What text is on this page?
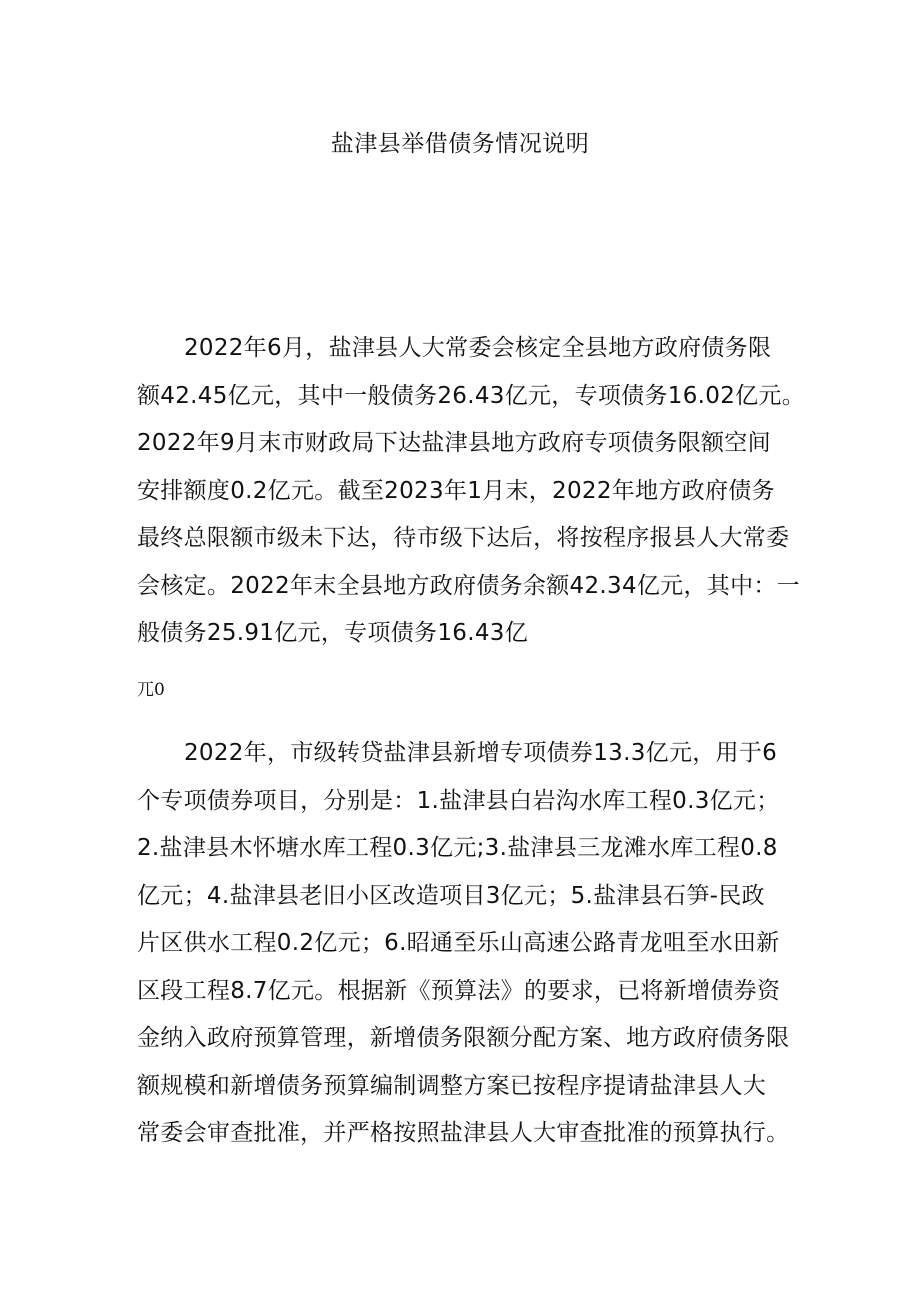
盐津县举借债务情况说明
2022年6月，盐津县人大常委会核定全县地方政府债务限
额42.45亿元，其中一般债务26.43亿元，专项债务16.02亿元。
2022年9月末市财政局下达盐津县地方政府专项债务限额空间
安排额度0.2亿元。截至2023年1月末，2022年地方政府债务
最终总限额市级未下达，待市级下达后，将按程序报县人大常委
会核定。2022年末全县地方政府债务余额42.34亿元，其中：一
般债务25.91亿元，专项债务16.43亿
兀0
2022年，市级转贷盐津县新增专项债券13.3亿元，用于6
个专项债券项目，分别是：1.盐津县白岩沟水库工程0.3亿元；
2.盐津县木怀塘水库工程0.3亿元;3.盐津县三龙滩水库工程0.8
亿元；4.盐津县老旧小区改造项目3亿元；5.盐津县石笋-民政
片区供水工程0.2亿元；6.昭通至乐山高速公路青龙咀至水田新
区段工程8.7亿元。根据新《预算法》的要求，已将新增债券资
金纳入政府预算管理，新增债务限额分配方案、地方政府债务限
额规模和新增债务预算编制调整方案已按程序提请盐津县人大
常委会审查批准，并严格按照盐津县人大审查批准的预算执行。
